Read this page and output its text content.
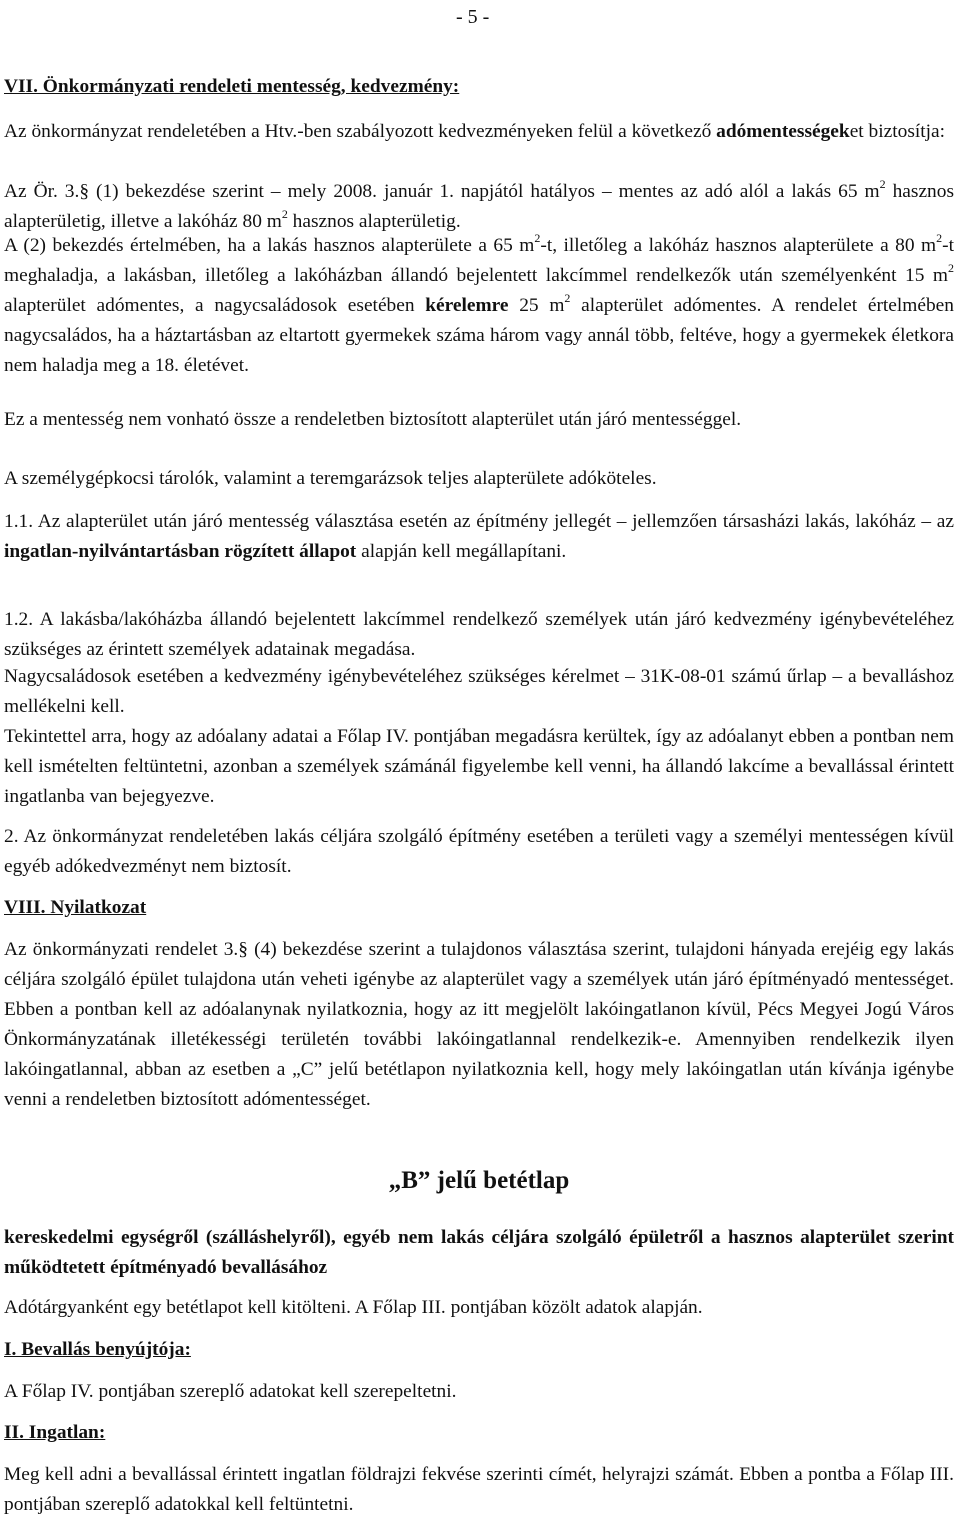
- 5 -

VII. Önkormányzati rendeleti mentesség, kedvezmény:

Az önkormányzat rendeletében a Htv.-ben szabályozott kedvezményeken felül a következő adómentességeket biztosítja:

Az Ör. 3.§ (1) bekezdése szerint – mely 2008. január 1. napjától hatályos – mentes az adó alól a lakás 65 $m^2$ hasznos alapterületig, illetve a lakóház 80 $m^2$ hasznos alapterületig.

A (2) bekezdés értelmében, ha a lakás hasznos alapterülete a 65 $m^2-t$, illetőleg a lakóház hasznos alapterülete a 80 $m^2-t$ meghaladja, a lakásban, illetőleg a lakóházban állandó bejelentett lakcímmel rendelkezők után személyenként 15 $m^2$ alapterület adómentes, a nagycsaládosok esetében kérelemre 25 $m^2$ alapterület adómentes. A rendelet értelmében nagycsaládos, ha a háztartásban az eltartott gyermekek száma három vagy annál több, feltéve, hogy a gyermekek életkora nem haladja meg a 18. életévet.

Ez a mentesség nem vonható össze a rendeletben biztosított alapterület után járó mentességgel.

A személygépkocsi tárolók, valamint a teremgarázsok teljes alapterülete adóköteles.

1.1. Az alapterület után járó mentesség választása esetén az építmény jellegét – jellemzően társasházi lakás, lakóház – az ingatlan-nyilvántartásban rögzített állapot alapján kell megállapítani.

1.2. A lakásba/lakóházba állandó bejelentett lakcímmel rendelkező személyek után járó kedvezmény igénybevételéhez szükséges az érintett személyek adatainak megadása.

Nagycsaládosok esetében a kedvezmény igénybevételéhez szükséges kérelmet – 31K-08-01 számú űrlap – a bevalláshoz mellékelni kell.

Tekintettel arra, hogy az adóalany adatai a Főlap IV. pontjában megadásra kerültek, így az adóalanyt ebben a pontban nem kell ismételten feltüntetni, azonban a személyek számánál figyelembe kell venni, ha állandó lakcíme a bevallással érintett ingatlanba van bejegyezve.

2. Az önkormányzat rendeletében lakás céljára szolgáló építmény esetében a területi vagy a személyi mentességen kívül egyéb adókedvezményt nem biztosít.

VIII. Nyilatkozat

Az önkormányzati rendelet 3.§ (4) bekezdése szerint a tulajdonos választása szerint, tulajdoni hányada erejéig egy lakás céljára szolgáló épület tulajdona után veheti igénybe az alapterület vagy a személyek után járó építményadó mentességet. Ebben a pontban kell az adóalanynak nyilatkoznia, hogy az itt megjelölt lakóingatlanon kívül, Pécs Megyei Jogú Város Önkormányzatának illetékességi területén további lakóingatlannal rendelkezik-e. Amennyiben rendelkezik ilyen lakóingatlannal, abban az esetben a „C” jelű betétlapon nyilatkoznia kell, hogy mely lakóingatlan után kívánja igénybe venni a rendeletben biztosított adómentességet.

„B” jelű betétlap

kereskedelmi egységről (szálláshelyről), egyéb nem lakás céljára szolgáló épületről a hasznos alapterület szerint működtetett építményadó bevallásához

Adótárgyanként egy betétlapot kell kitölteni. A Főlap III. pontjában közölt adatok alapján.

I. Bevallás benyújtója:

A Főlap IV. pontjában szereplő adatokat kell szerepeltetni.

II. Ingatlan:

Meg kell adni a bevallással érintett ingatlan földrajzi fekvése szerinti címét, helyrajzi számát. Ebben a pontba a Főlap III. pontjában szereplő adatokkal kell feltüntetni.
